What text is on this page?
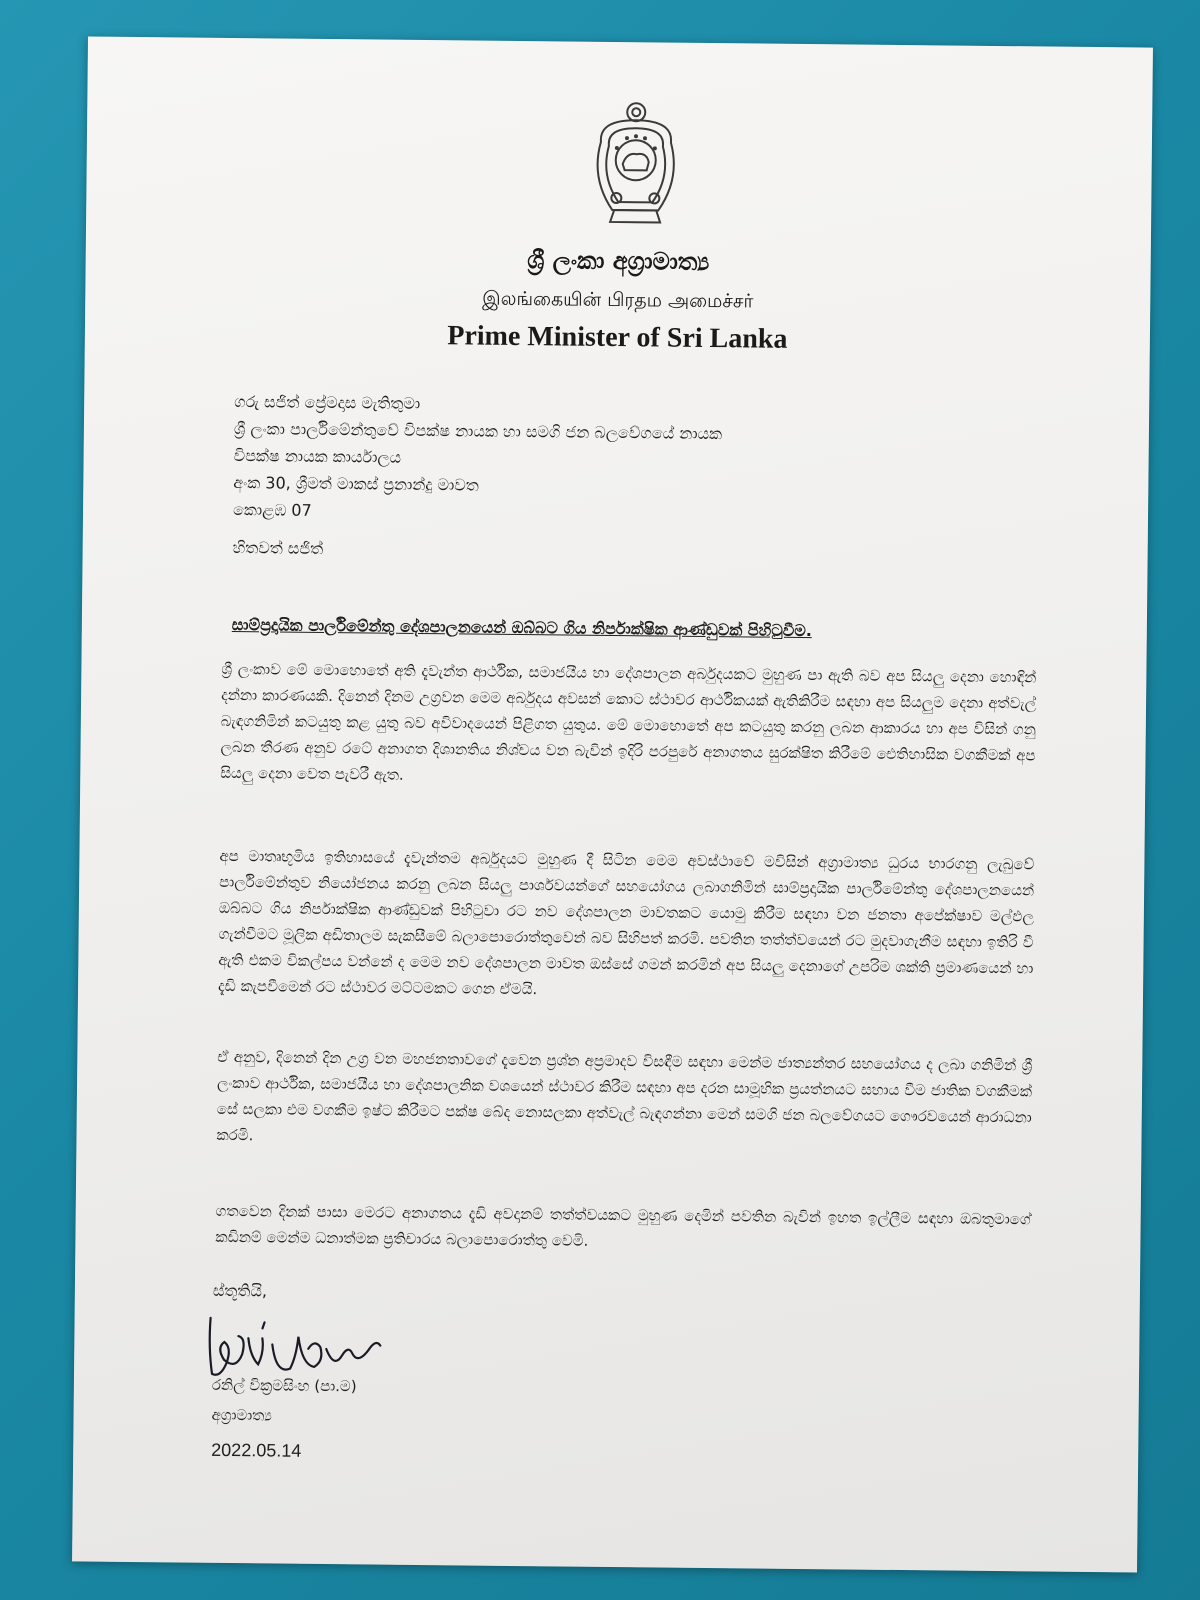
ශ්‍රී ලංකා අග්‍රාමාත්‍ය
இலங்கையின் பிரதம அமைச்சர்
Prime Minister of Sri Lanka
ගරු සජිත් ප්‍රේමදාස මැතිතුමා
ශ්‍රී ලංකා පාර්ලිමේන්තුවේ විපක්ෂ නායක හා සමගි ජන බලවේගයේ නායක
විපක්ෂ නායක කාර්යාලය
අංක 30, ශ්‍රීමත් මාකස් ප්‍රනාන්දු මාවත
කොළඹ 07
හිතවත් සජිත්
සාම්ප්‍රදායික පාර්ලිමේන්තු දේශපාලනයෙන් ඔබ්බට ගිය නිර්පාක්ෂික ආණ්ඩුවක් පිහිටුවීම.
ශ්‍රී ලංකාව මේ මොහොතේ අති දැවැන්ත ආර්ථික, සමාජයීය හා දේශපාලන අර්බුදයකට මුහුණ පා ඇති බව අප සියලු දෙනා හොඳින් දන්නා කාරණයකි. දිනෙන් දිනම උග්‍රවන මෙම අර්බුදය අවසන් කොට ස්ථාවර ආර්ථිකයක් ඇතිකිරීම සඳහා අප සියලුම දෙනා අත්වැල් බැඳගනිමින් කටයුතු කළ යුතු බව අවිවාදයෙන් පිළිගත යුතුය. මේ මොහොතේ අප කටයුතු කරනු ලබන ආකාරය හා අප විසින් ගනු ලබන තීරණ අනුව රටේ අනාගත දිශානතිය නිශ්චය වන බැවින් ඉදිරි පරපුරේ අනාගතය සුරක්ෂිත කිරීමේ ඓතිහාසික වගකීමක් අප සියලු දෙනා වෙත පැවරී ඇත.
අප මාතෘභූමිය ඉතිහාසයේ දැවැන්තම අර්බුදයට මුහුණ දී සිටින මෙම අවස්ථාවේ මවිසින් අග්‍රාමාත්‍ය ධුරය භාරගනු ලැබුවේ පාර්ලිමේන්තුව නියෝජනය කරනු ලබන සියලු පාර්ශවයන්ගේ සහයෝගය ලබාගනිමින් සාම්ප්‍රදායික පාර්ලිමේන්තු දේශපාලනයෙන් ඔබ්බට ගිය නිර්පාක්ෂික ආණ්ඩුවක් පිහිටුවා රට නව දේශපාලන මාවතකට යොමු කිරීම සඳහා වන ජනතා අපේක්ෂාව මල්ඵල ගැන්වීමට මූලික අඩිතාලම සැකසීමේ බලාපොරොත්තුවෙන් බව සිහිපත් කරමි. පවතින තත්ත්වයෙන් රට මුදවාගැනීම සඳහා ඉතිරි වී ඇති එකම විකල්පය වන්නේ ද මෙම නව දේශපාලන මාවත ඔස්සේ ගමන් කරමින් අප සියලු දෙනාගේ උපරිම ශක්ති ප්‍රමාණයෙන් හා දැඩි කැපවීමෙන් රට ස්ථාවර මට්ටමකට ගෙන ඒමයි.
ඒ අනුව, දිනෙන් දින උග්‍ර වන මහජනතාවගේ දැවෙන ප්‍රශ්න අප්‍රමාදව විසඳීම සඳහා මෙන්ම ජාත්‍යන්තර සහයෝගය ද ලබා ගනිමින් ශ්‍රී ලංකාව ආර්ථික, සමාජයීය හා දේශපාලනික වශයෙන් ස්ථාවර කිරීම සඳහා අප දරන සාමූහික ප්‍රයත්නයට සහාය වීම ජාතික වගකීමක් සේ සලකා එම වගකීම ඉෂ්ට කිරීමට පක්ෂ බේද නොසලකා අත්වැල් බැඳගන්නා මෙන් සමගි ජන බලවේගයට ගෞරවයෙන් ආරාධනා කරමි.
ගතවෙන දිනක් පාසා මෙරට අනාගතය දැඩි අවදානම් තත්ත්වයකට මුහුණ දෙමින් පවතින බැවින් ඉහත ඉල්ලීම සඳහා ඔබතුමාගේ කඩිනම් මෙන්ම ධනාත්මක ප්‍රතිචාරය බලාපොරොත්තු වෙමි.
ස්තූතියි,
රනිල් වික්‍රමසිංහ (පා.ම)
අග්‍රාමාත්‍ය
2022.05.14
